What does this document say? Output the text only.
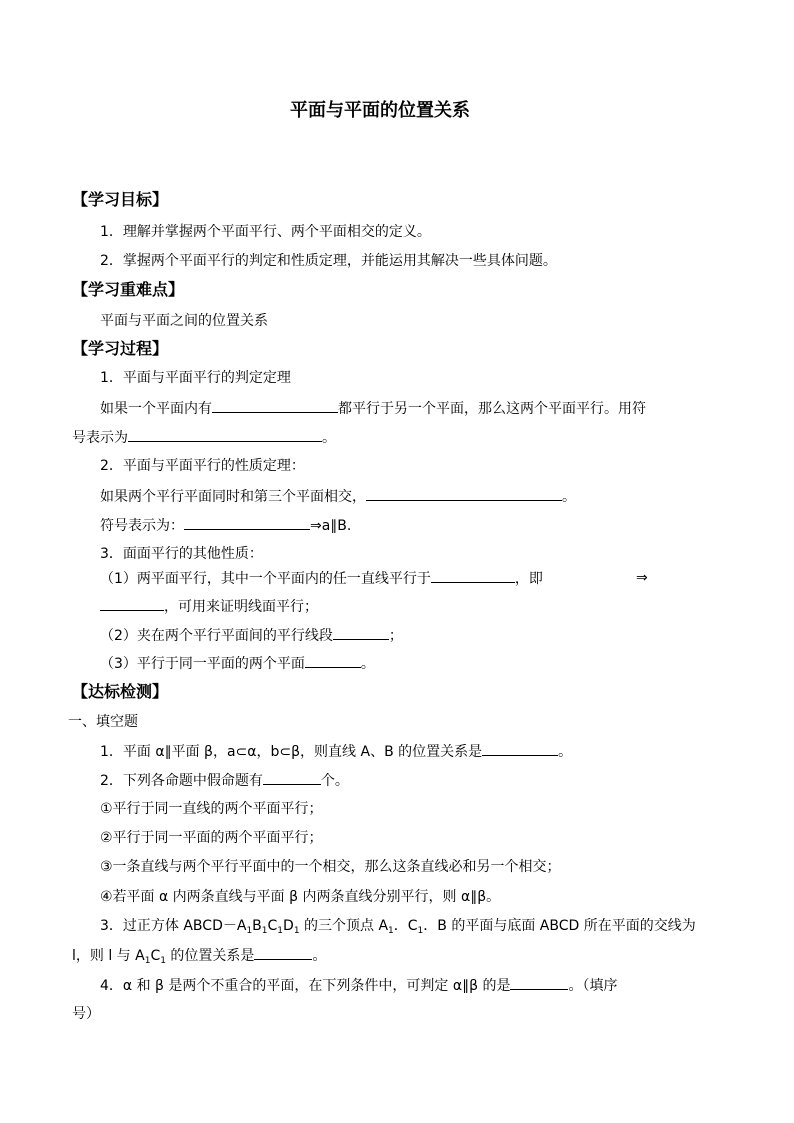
平面与平面的位置关系
【学习目标】
1．理解并掌握两个平面平行、两个平面相交的定义。
2．掌握两个平面平行的判定和性质定理，并能运用其解决一些具体问题。
【学习重难点】
平面与平面之间的位置关系
【学习过程】
1．平面与平面平行的判定定理
如果一个平面内有	都平行于另一个平面，那么这两个平面平行。用符
号表示为	。
2．平面与平面平行的性质定理：
如果两个平行平面同时和第三个平面相交，	。
符号表示为：	⇒a∥B.
3．面面平行的其他性质：
（1）两平面平行，其中一个平面内的任一直线平行于	，即	⇒
，可用来证明线面平行；
（2）夹在两个平行平面间的平行线段	；
（3）平行于同一平面的两个平面	。
【达标检测】
一、填空题
1．平面 α∥平面 β，a⊂α，b⊂β，则直线 A、B 的位置关系是	。
2．下列各命题中假命题有	个。
①平行于同一直线的两个平面平行；
②平行于同一平面的两个平面平行；
③一条直线与两个平行平面中的一个相交，那么这条直线必和另一个相交；
④若平面 α 内两条直线与平面 β 内两条直线分别平行，则 α∥β。
3．过正方体 $ABCD-A_1B_1C_1D_1$ 的三个顶点 $A_1$．$C_1$．B 的平面与底面 ABCD 所在平面的交线为
l，则 l 与 $A_1C_1$ 的位置关系是	。
4．α 和 β 是两个不重合的平面，在下列条件中，可判定 α∥β 的是	。（填序
号）
